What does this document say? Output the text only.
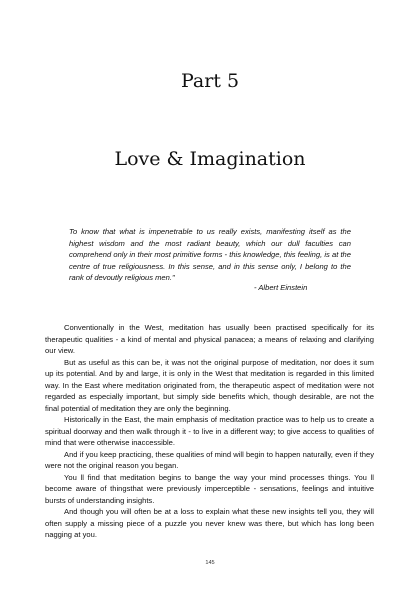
Part 5
Love & Imagination
To know that what is impenetrable to us really exists, manifesting itself as the highest wisdom and the most radiant beauty, which our dull faculties can comprehend only in their most primitive forms - this knowledge, this feeling, is at the centre of true religiousness. In this sense, and in this sense only, I belong to the rank of devoutly religious men."
- Albert Einstein

Conventionally in the West, meditation has usually been practised specifically for its therapeutic qualities - a kind of mental and physical panacea; a means of relaxing and clarifying our view.

But as useful as this can be, it was not the original purpose of meditation, nor does it sum up its potential. And by and large, it is only in the West that meditation is regarded in this limited way. In the East where meditation originated from, the therapeutic aspect of meditation were not regarded as especially important, but simply side benefits which, though desirable, are not the final potential of meditation they are only the beginning.

Historically in the East, the main emphasis of meditation practice was to help us to create a spiritual doorway and then walk through it - to live in a different way; to give access to qualities of mind that were otherwise inaccessible.

And if you keep practicing, these qualities of mind will begin to happen naturally, even if they were not the original reason you began.

You ll find that meditation begins to bange the way your mind processes things. You ll become aware of thingsthat were previously imperceptible - sensations, feelings and intuitive bursts of understanding insights.

And though you will often be at a loss to explain what these new insights tell you, they will often supply a missing piece of a puzzle you never knew was there, but which has long been nagging at you.

145
